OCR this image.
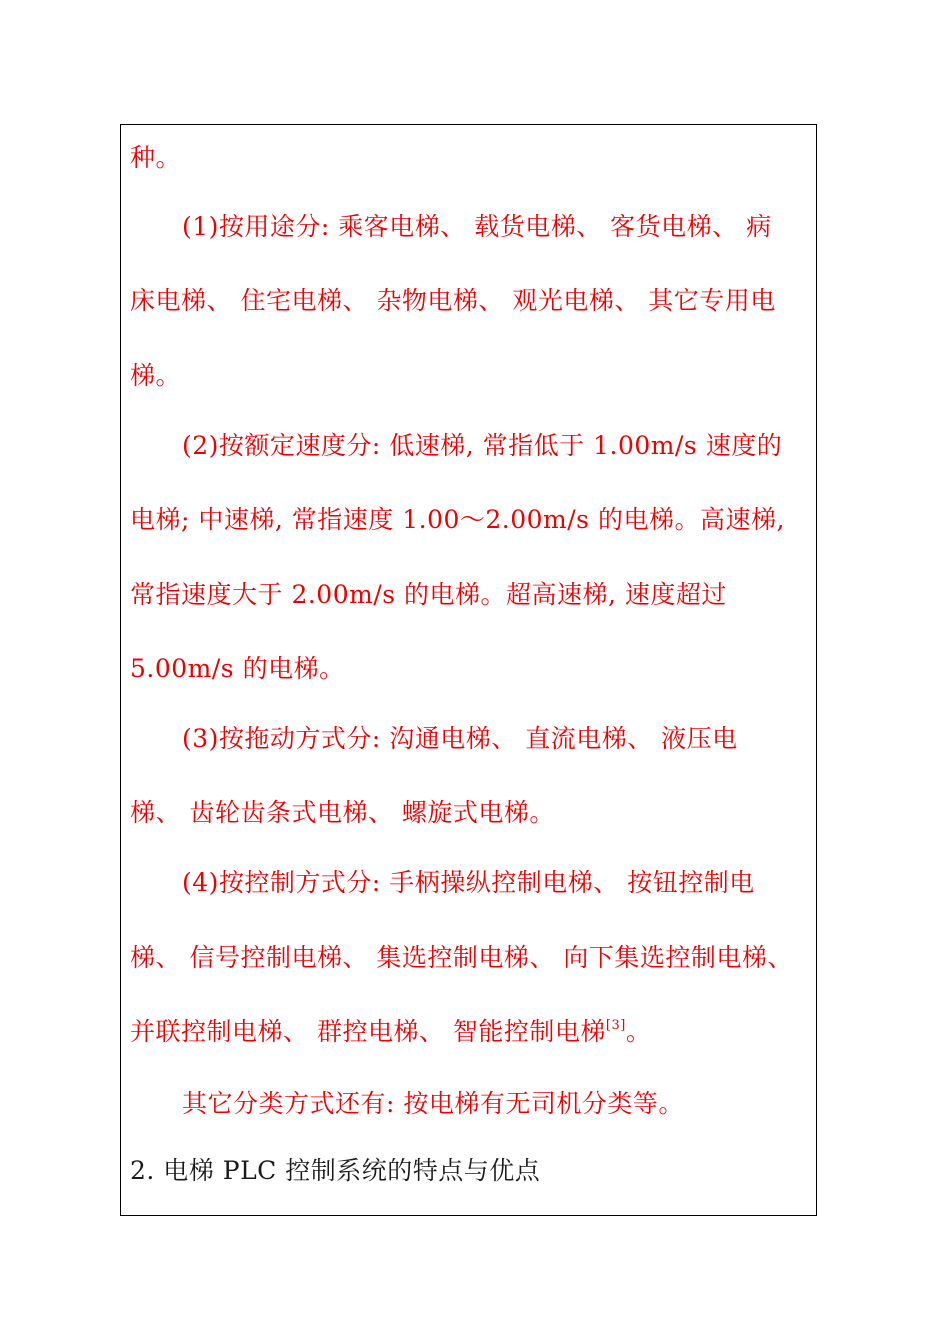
种。
(1)按用途分: 乘客电梯、 载货电梯、 客货电梯、 病
床电梯、 住宅电梯、 杂物电梯、 观光电梯、 其它专用电
梯。
(2)按额定速度分: 低速梯, 常指低于 1.00m/s 速度的
电梯; 中速梯, 常指速度 1.00～2.00m/s 的电梯。高速梯,
常指速度大于 2.00m/s 的电梯。超高速梯, 速度超过
5.00m/s 的电梯。
(3)按拖动方式分: 沟通电梯、 直流电梯、 液压电
梯、 齿轮齿条式电梯、 螺旋式电梯。
(4)按控制方式分: 手柄操纵控制电梯、 按钮控制电
梯、 信号控制电梯、 集选控制电梯、 向下集选控制电梯、
并联控制电梯、 群控电梯、 智能控制电梯[3]。
其它分类方式还有: 按电梯有无司机分类等。
2. 电梯 PLC 控制系统的特点与优点
